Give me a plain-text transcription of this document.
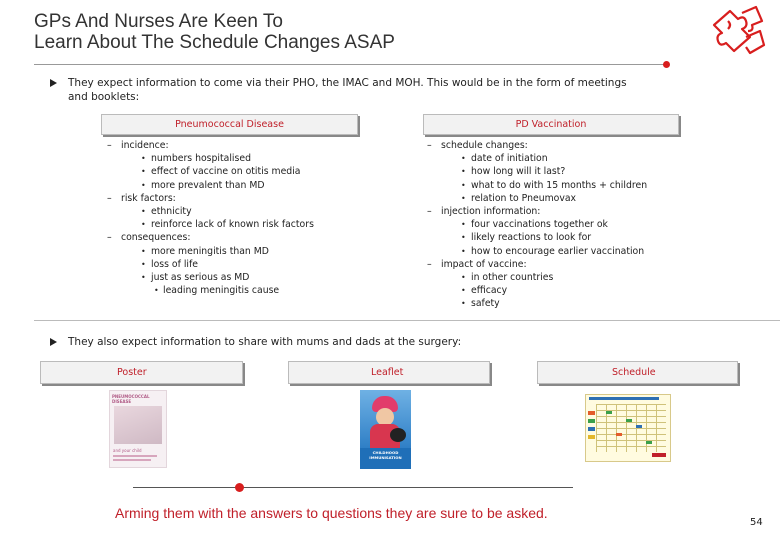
GPs And Nurses Are Keen To
Learn About The Schedule Changes ASAP
They expect information to come via their PHO, the IMAC and MOH. This would be in the form of meetings
and booklets:
Pneumococcal Disease	PD Vaccination
– incidence:
• numbers hospitalised
• effect of vaccine on otitis media
• more prevalent than MD
– risk factors:
• ethnicity
• reinforce lack of known risk factors
– consequences:
• more meningitis than MD
• loss of life
• just as serious as MD
• leading meningitis cause
– schedule changes:
• date of initiation
• how long will it last?
• what to do with 15 months + children
• relation to Pneumovax
– injection information:
• four vaccinations together ok
• likely reactions to look for
• how to encourage earlier vaccination
– impact of vaccine:
• in other countries
• efficacy
• safety
They also expect information to share with mums and dads at the surgery:
Poster	Leaflet	Schedule
PNEUMOCOCCAL
DISEASE
and your child	CHILDHOOD
IMMUNISATION
Arming them with the answers to questions they are sure to be asked.
54
